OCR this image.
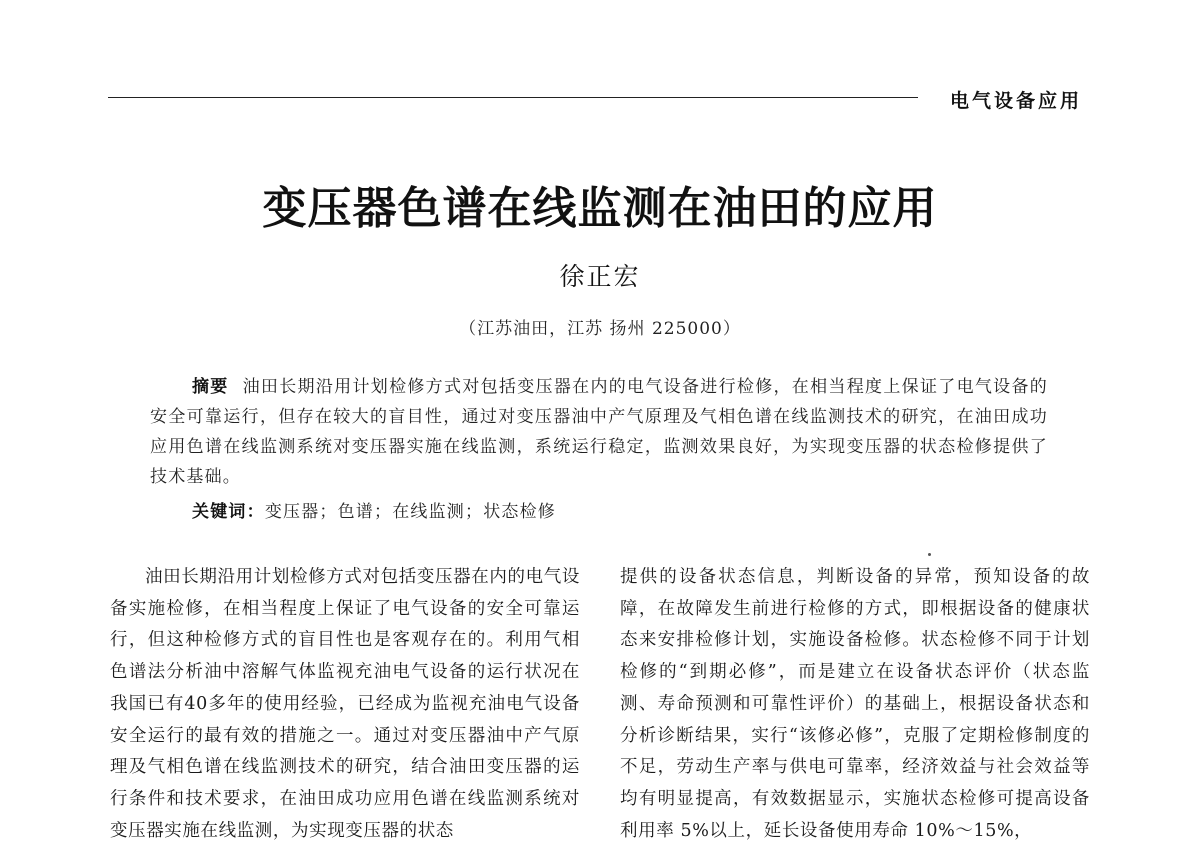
电气设备应用
变压器色谱在线监测在油田的应用
徐正宏
（江苏油田，江苏 扬州 225000）
摘要 油田长期沿用计划检修方式对包括变压器在内的电气设备进行检修，在相当程度上保证了电气设备的安全可靠运行，但存在较大的盲目性，通过对变压器油中产气原理及气相色谱在线监测技术的研究，在油田成功应用色谱在线监测系统对变压器实施在线监测，系统运行稳定，监测效果良好，为实现变压器的状态检修提供了技术基础。
关键词：变压器；色谱；在线监测；状态检修

油田长期沿用计划检修方式对包括变压器在内的电气设备实施检修，在相当程度上保证了电气设备的安全可靠运行，但这种检修方式的盲目性也是客观存在的。利用气相色谱法分析油中溶解气体监视充油电气设备的运行状况在我国已有40多年的使用经验，已经成为监视充油电气设备安全运行的最有效的措施之一。通过对变压器油中产气原理及气相色谱在线监测技术的研究，结合油田变压器的运行条件和技术要求，在油田成功应用色谱在线监测系统对变压器实施在线监测，为实现变压器的状态

提供的设备状态信息，判断设备的异常，预知设备的故障，在故障发生前进行检修的方式，即根据设备的健康状态来安排检修计划，实施设备检修。状态检修不同于计划检修的“到期必修”，而是建立在设备状态评价（状态监测、寿命预测和可靠性评价）的基础上，根据设备状态和分析诊断结果，实行“该修必修”，克服了定期检修制度的不足，劳动生产率与供电可靠率，经济效益与社会效益等均有明显提高，有效数据显示，实施状态检修可提高设备利用率 5%以上，延长设备使用寿命 10%～15%，
